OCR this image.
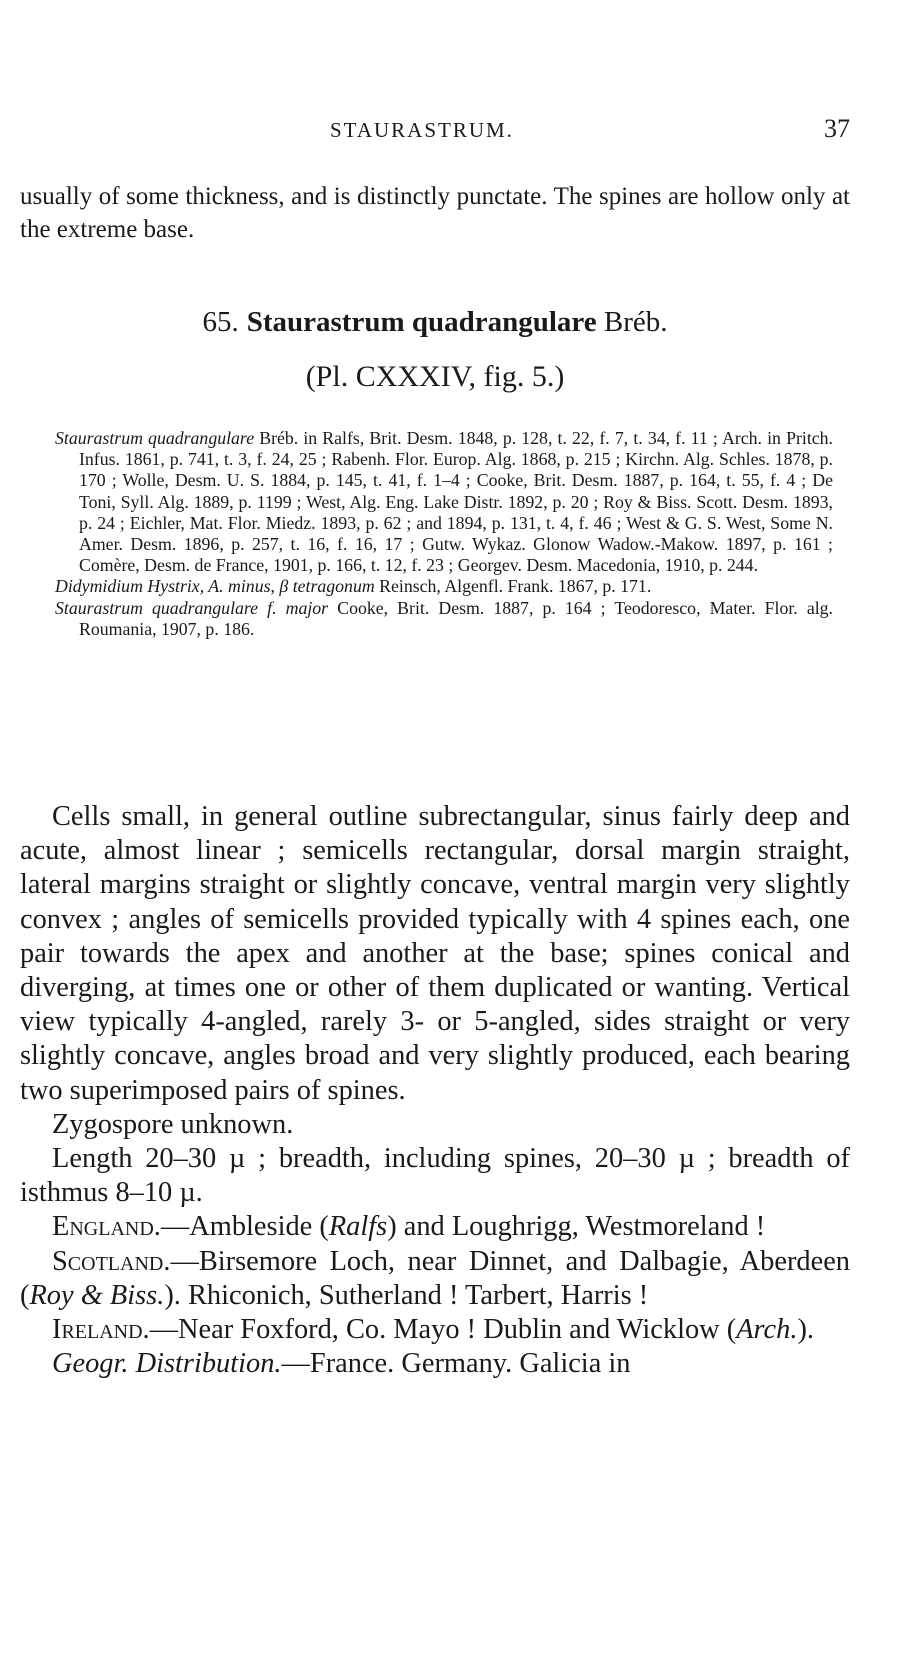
STAURASTRUM.	37

usually of some thickness, and is distinctly punctate. The spines are hollow only at the extreme base.

65. Staurastrum quadrangulare Bréb.
(Pl. CXXXIV, fig. 5.)

Staurastrum quadrangulare Bréb. in Ralfs, Brit. Desm. 1848, p. 128, t. 22, f. 7, t. 34, f. 11 ; Arch. in Pritch. Infus. 1861, p. 741, t. 3, f. 24, 25 ; Rabenh. Flor. Europ. Alg. 1868, p. 215 ; Kirchn. Alg. Schles. 1878, p. 170 ; Wolle, Desm. U. S. 1884, p. 145, t. 41, f. 1–4 ; Cooke, Brit. Desm. 1887, p. 164, t. 55, f. 4 ; De Toni, Syll. Alg. 1889, p. 1199 ; West, Alg. Eng. Lake Distr. 1892, p. 20 ; Roy & Biss. Scott. Desm. 1893, p. 24 ; Eichler, Mat. Flor. Miedz. 1893, p. 62 ; and 1894, p. 131, t. 4, f. 46 ; West & G. S. West, Some N. Amer. Desm. 1896, p. 257, t. 16, f. 16, 17 ; Gutw. Wykaz. Glonow Wadow.-Makow. 1897, p. 161 ; Comère, Desm. de France, 1901, p. 166, t. 12, f. 23 ; Georgev. Desm. Macedonia, 1910, p. 244.

Didymidium Hystrix, A. minus, β tetragonum Reinsch, Algenfl. Frank. 1867, p. 171.

Staurastrum quadrangulare f. major Cooke, Brit. Desm. 1887, p. 164 ; Teodoresco, Mater. Flor. alg. Roumania, 1907, p. 186.

Cells small, in general outline subrectangular, sinus fairly deep and acute, almost linear ; semicells rectangular, dorsal margin straight, lateral margins straight or slightly concave, ventral margin very slightly convex ; angles of semicells provided typically with 4 spines each, one pair towards the apex and another at the base; spines conical and diverging, at times one or other of them duplicated or wanting. Vertical view typically 4-angled, rarely 3- or 5-angled, sides straight or very slightly concave, angles broad and very slightly produced, each bearing two superimposed pairs of spines.

Zygospore unknown.

Length 20–30 µ ; breadth, including spines, 20–30 µ ; breadth of isthmus 8–10 µ.

England.—Ambleside (Ralfs) and Loughrigg, Westmoreland !

Scotland.—Birsemore Loch, near Dinnet, and Dalbagie, Aberdeen (Roy & Biss.). Rhiconich, Sutherland ! Tarbert, Harris !

Ireland.—Near Foxford, Co. Mayo ! Dublin and Wicklow (Arch.).

Geogr. Distribution.—France. Germany. Galicia in
